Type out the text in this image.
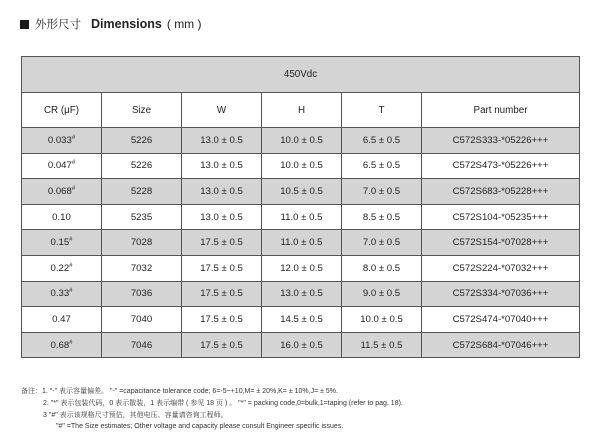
外形尺寸 Dimensions ( mm )
450Vdc					
CR (μF)	Size	W	H	T	Part number
0.033#	5226	13.0 ± 0.5	10.0 ± 0.5	6.5 ± 0.5	C572S333-*05226+++
0.047#	5226	13.0 ± 0.5	10.0 ± 0.5	6.5 ± 0.5	C572S473-*05226+++
0.068#	5228	13.0 ± 0.5	10.5 ± 0.5	7.0 ± 0.5	C572S683-*05228+++
0.10	5235	13.0 ± 0.5	11.0 ± 0.5	8.5 ± 0.5	C572S104-*05235+++
0.15#	7028	17.5 ± 0.5	11.0 ± 0.5	7.0 ± 0.5	C572S154-*07028+++
0.22#	7032	17.5 ± 0.5	12.0 ± 0.5	8.0 ± 0.5	C572S224-*07032+++
0.33#	7036	17.5 ± 0.5	13.0 ± 0.5	9.0 ± 0.5	C572S334-*07036+++
0.47	7040	17.5 ± 0.5	14.5 ± 0.5	10.0 ± 0.5	C572S474-*07040+++
0.68#	7046	17.5 ± 0.5	16.0 ± 0.5	11.5 ± 0.5	C572S684-*07046+++
备注：1. "-" 表示容量偏差。 "-" =capacitance tolerance code; 6=-5~+10,M= ± 20%,K= ± 10%,J= ± 5%.
2. "*" 表示包装代码，0 表示散装，1 表示编带 ( 参见 18 页 ) 。 "*" = packing code,0=bulk,1=taping (refer to pag. 18).
3 "#" 表示该规格尺寸预估，其他电压、容量请咨询工程师。
"#" =The Size estimates; Other voltage and capacity please consult Engineer specific issues.
